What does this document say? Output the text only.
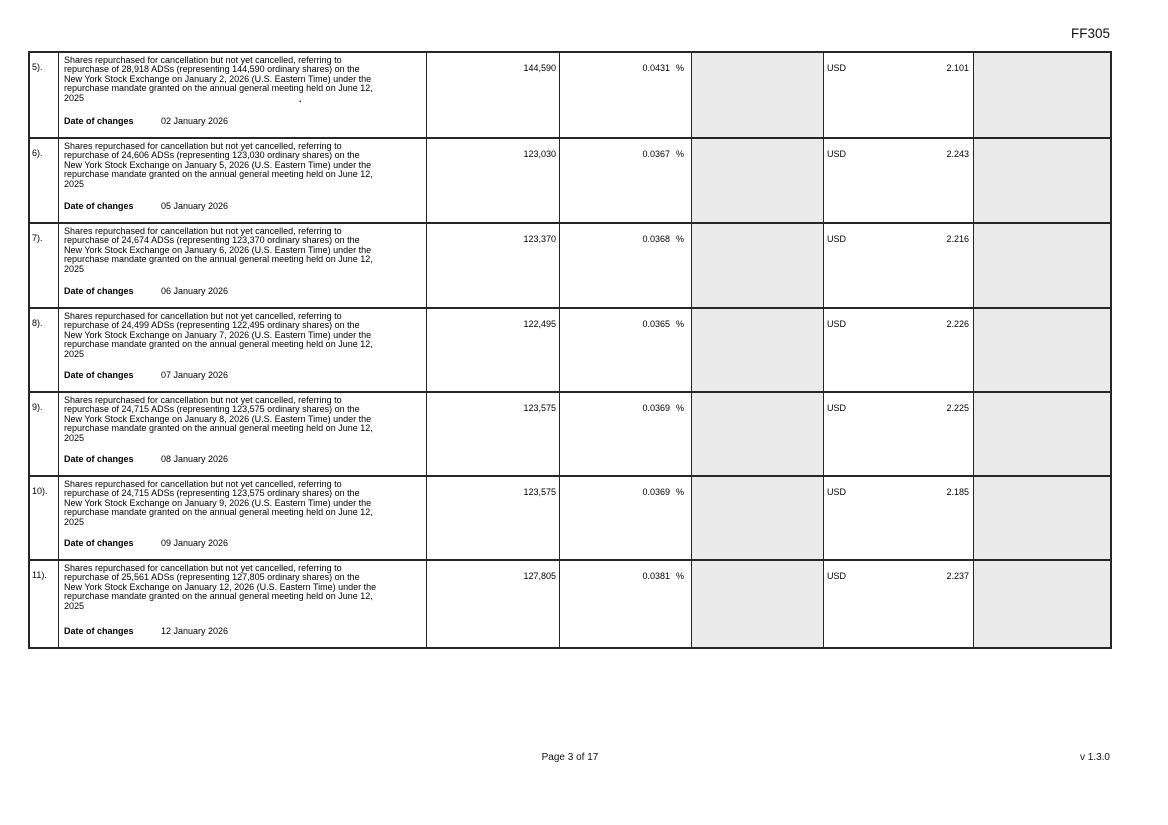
FF305
5).
Shares repurchased for cancellation but not yet cancelled, referring to
repurchase of 28,918 ADSs (representing 144,590 ordinary shares) on the
New York Stock Exchange on January 2, 2026 (U.S. Eastern Time) under the
repurchase mandate granted on the annual general meeting held on June 12,
2025	.
Date of changes	02 January 2026
144,590	0.0431 %	USD	2.101
6).
Shares repurchased for cancellation but not yet cancelled, referring to
repurchase of 24,606 ADSs (representing 123,030 ordinary shares) on the
New York Stock Exchange on January 5, 2026 (U.S. Eastern Time) under the
repurchase mandate granted on the annual general meeting held on June 12,
2025
Date of changes	05 January 2026
123,030	0.0367 %	USD	2.243
7).
Shares repurchased for cancellation but not yet cancelled, referring to
repurchase of 24,674 ADSs (representing 123,370 ordinary shares) on the
New York Stock Exchange on January 6, 2026 (U.S. Eastern Time) under the
repurchase mandate granted on the annual general meeting held on June 12,
2025
Date of changes	06 January 2026
123,370	0.0368 %	USD	2.216
8).
Shares repurchased for cancellation but not yet cancelled, referring to
repurchase of 24,499 ADSs (representing 122,495 ordinary shares) on the
New York Stock Exchange on January 7, 2026 (U.S. Eastern Time) under the
repurchase mandate granted on the annual general meeting held on June 12,
2025
Date of changes	07 January 2026
122,495	0.0365 %	USD	2.226
9).
Shares repurchased for cancellation but not yet cancelled, referring to
repurchase of 24,715 ADSs (representing 123,575 ordinary shares) on the
New York Stock Exchange on January 8, 2026 (U.S. Eastern Time) under the
repurchase mandate granted on the annual general meeting held on June 12,
2025
Date of changes	08 January 2026
123,575	0.0369 %	USD	2.225
10).
Shares repurchased for cancellation but not yet cancelled, referring to
repurchase of 24,715 ADSs (representing 123,575 ordinary shares) on the
New York Stock Exchange on January 9, 2026 (U.S. Eastern Time) under the
repurchase mandate granted on the annual general meeting held on June 12,
2025
Date of changes	09 January 2026
123,575	0.0369 %	USD	2.185
11).
Shares repurchased for cancellation but not yet cancelled, referring to
repurchase of 25,561 ADSs (representing 127,805 ordinary shares) on the
New York Stock Exchange on January 12, 2026 (U.S. Eastern Time) under the
repurchase mandate granted on the annual general meeting held on June 12,
2025
Date of changes	12 January 2026
127,805	0.0381 %	USD	2.237
Page 3 of 17	v 1.3.0
